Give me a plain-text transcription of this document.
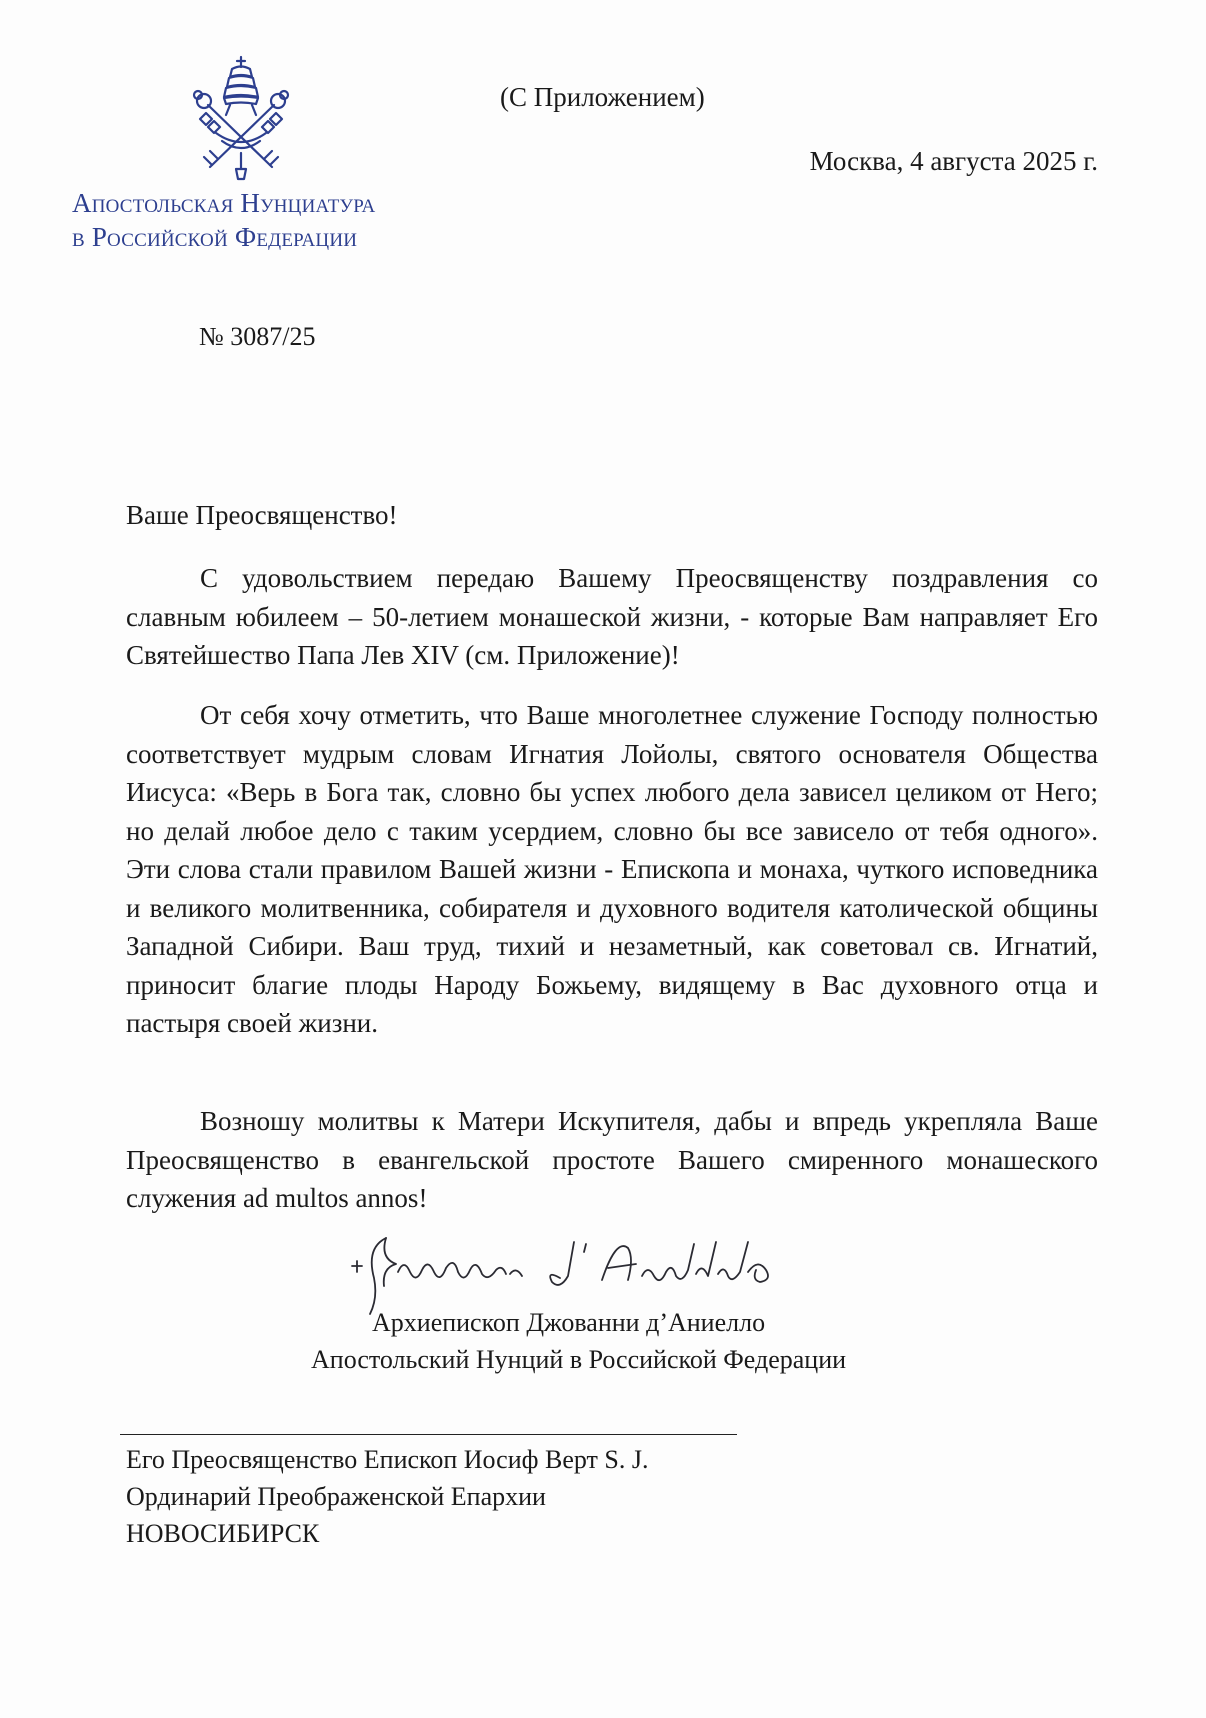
Апостольская Нунциатура
в Российской Федерации
(С Приложением)
Москва, 4 августа 2025 г.
№ 3087/25
Ваше Преосвященство!

С удовольствием передаю Вашему Преосвященству поздравления со славным юбилеем – 50-летием монашеской жизни, - которые Вам направляет Его Святейшество Папа Лев XIV (см. Приложение)!

От себя хочу отметить, что Ваше многолетнее служение Господу полностью соответствует мудрым словам Игнатия Лойолы, святого основателя Общества Иисуса: «Верь в Бога так, словно бы успех любого дела зависел целиком от Него; но делай любое дело с таким усердием, словно бы все зависело от тебя одного». Эти слова стали правилом Вашей жизни - Епископа и монаха, чуткого исповедника и великого молитвенника, собирателя и духовного водителя католической общины Западной Сибири. Ваш труд, тихий и незаметный, как советовал св. Игнатий, приносит благие плоды Народу Божьему, видящему в Вас духовного отца и пастыря своей жизни.

Возношу молитвы к Матери Искупителя, дабы и впредь укрепляла Ваше Преосвященство в евангельской простоте Вашего смиренного монашеского служения ad multos annos!

Архиепископ Джованни д’Аниелло
Апостольский Нунций в Российской Федерации
Его Преосвященство Епископ Иосиф Верт S. J.
Ординарий Преображенской Епархии
НОВОСИБИРСК
